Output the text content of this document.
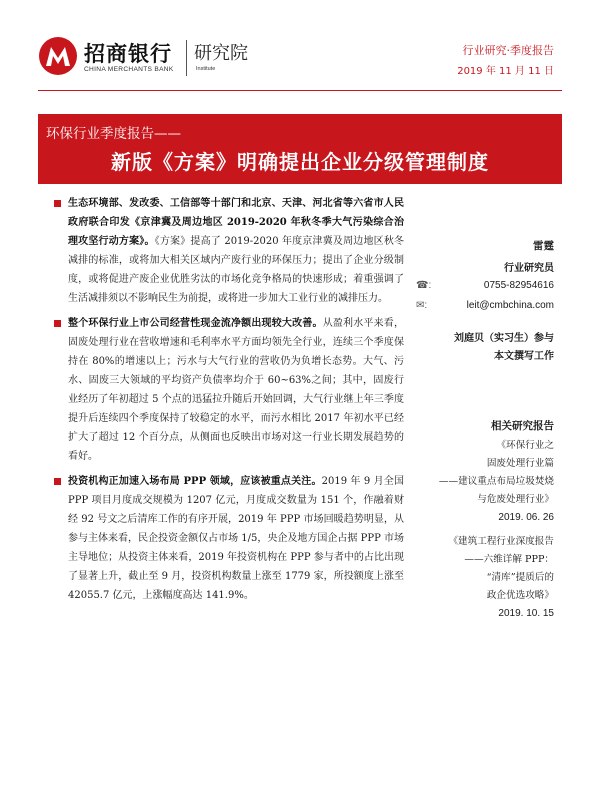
招商银行
CHINA MERCHANTS BANK
研究院
Institute
行业研究·季度报告
2019 年 11 月 11 日
环保行业季度报告——
新版《方案》明确提出企业分级管理制度
生态环境部、发改委、工信部等十部门和北京、天津、河北省等六省市人民政府联合印发《京津冀及周边地区 2019-2020 年秋冬季大气污染综合治理攻坚行动方案》。《方案》提高了 2019-2020 年度京津冀及周边地区秋冬减排的标准，或将加大相关区域内产废行业的环保压力；提出了企业分级制度，或将促进产废企业优胜劣汰的市场化竞争格局的快速形成；着重强调了生活减排须以不影响民生为前提，或将进一步加大工业行业的减排压力。
整个环保行业上市公司经营性现金流净额出现较大改善。从盈利水平来看，固废处理行业在营收增速和毛利率水平方面均领先全行业，连续三个季度保持在 80%的增速以上；污水与大气行业的营收仍为负增长态势。大气、污水、固废三大领域的平均资产负债率均介于 60~63%之间；其中，固废行业经历了年初超过 5 个点的迅猛拉升随后开始回调，大气行业继上年三季度提升后连续四个季度保持了较稳定的水平，而污水相比 2017 年初水平已经扩大了超过 12 个百分点，从侧面也反映出市场对这一行业长期发展趋势的看好。
投资机构正加速入场布局 PPP 领域，应该被重点关注。2019 年 9 月全国 PPP 项目月度成交规模为 1207 亿元，月度成交数量为 151 个，作融着财经 92 号文之后清库工作的有序开展，2019 年 PPP 市场回暖趋势明显，从参与主体来看，民企投资金额仅占市场 1/5，央企及地方国企占据 PPP 市场主导地位；从投资主体来看，2019 年投资机构在 PPP 参与者中的占比出现了显著上升，截止至 9 月，投资机构数量上涨至 1779 家，所投额度上涨至 42055.7 亿元，上涨幅度高达 141.9%。
雷霆
行业研究员
☎:	0755-82954616
✉:	leit@cmbchina.com
刘庭贝（实习生）参与
本文撰写工作
相关研究报告
《环保行业之
固废处理行业篇
——建议重点布局垃圾焚烧
与危废处理行业》
2019. 06. 26
《建筑工程行业深度报告
——六维详解 PPP：
“清库”提质后的
政企优选攻略》
2019. 10. 15
